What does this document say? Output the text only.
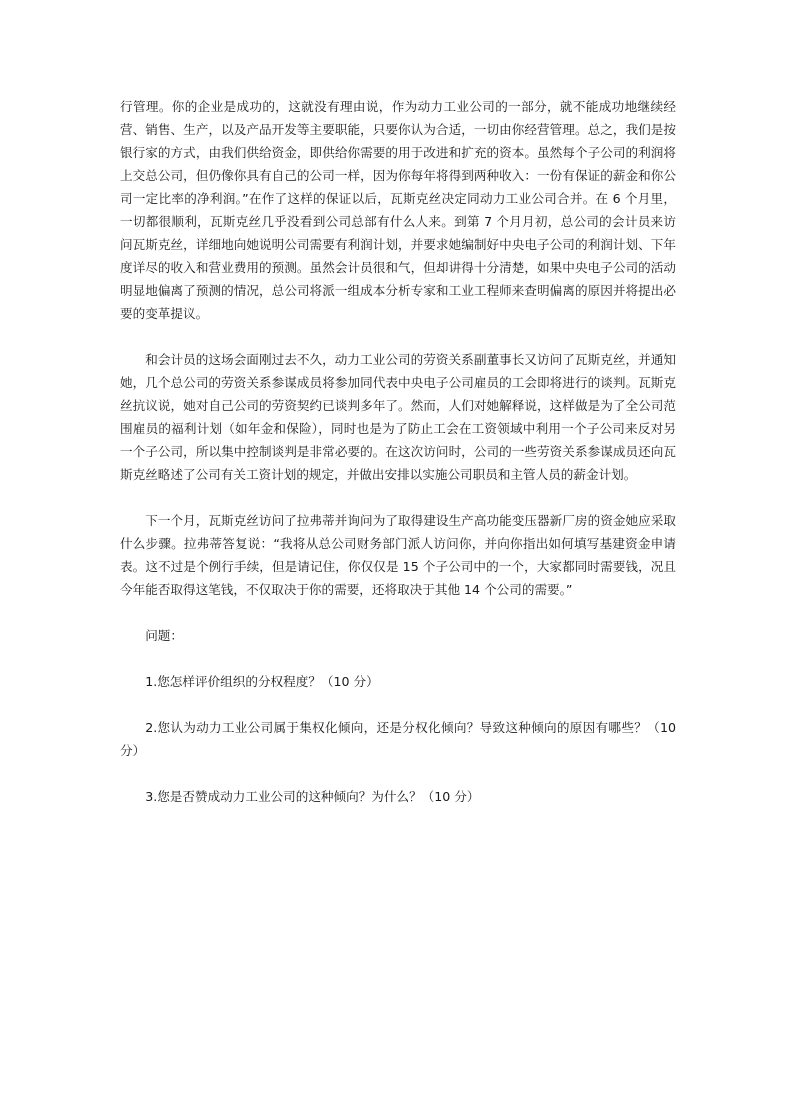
行管理。你的企业是成功的，这就没有理由说，作为动力工业公司的一部分，就不能成功地继续经营、销售、生产，以及产品开发等主要职能，只要你认为合适，一切由你经营管理。总之，我们是按银行家的方式，由我们供给资金，即供给你需要的用于改进和扩充的资本。虽然每个子公司的利润将上交总公司，但仍像你具有自己的公司一样，因为你每年将得到两种收入：一份有保证的薪金和你公司一定比率的净利润。”在作了这样的保证以后，瓦斯克丝决定同动力工业公司合并。在 6 个月里，一切都很顺利，瓦斯克丝几乎没看到公司总部有什么人来。到第 7 个月月初，总公司的会计员来访问瓦斯克丝，详细地向她说明公司需要有利润计划，并要求她编制好中央电子公司的利润计划、下年度详尽的收入和营业费用的预测。虽然会计员很和气，但却讲得十分清楚，如果中央电子公司的活动明显地偏离了预测的情况，总公司将派一组成本分析专家和工业工程师来查明偏离的原因并将提出必要的变革提议。

和会计员的这场会面刚过去不久，动力工业公司的劳资关系副董事长又访问了瓦斯克丝，并通知她，几个总公司的劳资关系参谋成员将参加同代表中央电子公司雇员的工会即将进行的谈判。瓦斯克丝抗议说，她对自己公司的劳资契约已谈判多年了。然而，人们对她解释说，这样做是为了全公司范围雇员的福利计划（如年金和保险），同时也是为了防止工会在工资领域中利用一个子公司来反对另一个子公司，所以集中控制谈判是非常必要的。在这次访问时，公司的一些劳资关系参谋成员还向瓦斯克丝略述了公司有关工资计划的规定，并做出安排以实施公司职员和主管人员的薪金计划。

下一个月，瓦斯克丝访问了拉弗蒂并询问为了取得建设生产高功能变压器新厂房的资金她应采取什么步骤。拉弗蒂答复说：“我将从总公司财务部门派人访问你，并向你指出如何填写基建资金申请表。这不过是个例行手续，但是请记住，你仅仅是 15 个子公司中的一个，大家都同时需要钱，况且今年能否取得这笔钱，不仅取决于你的需要，还将取决于其他 14 个公司的需要。”

问题：

1.您怎样评价组织的分权程度？（10 分）

2.您认为动力工业公司属于集权化倾向，还是分权化倾向？导致这种倾向的原因有哪些？（10 分）

3.您是否赞成动力工业公司的这种倾向？为什么？（10 分）
